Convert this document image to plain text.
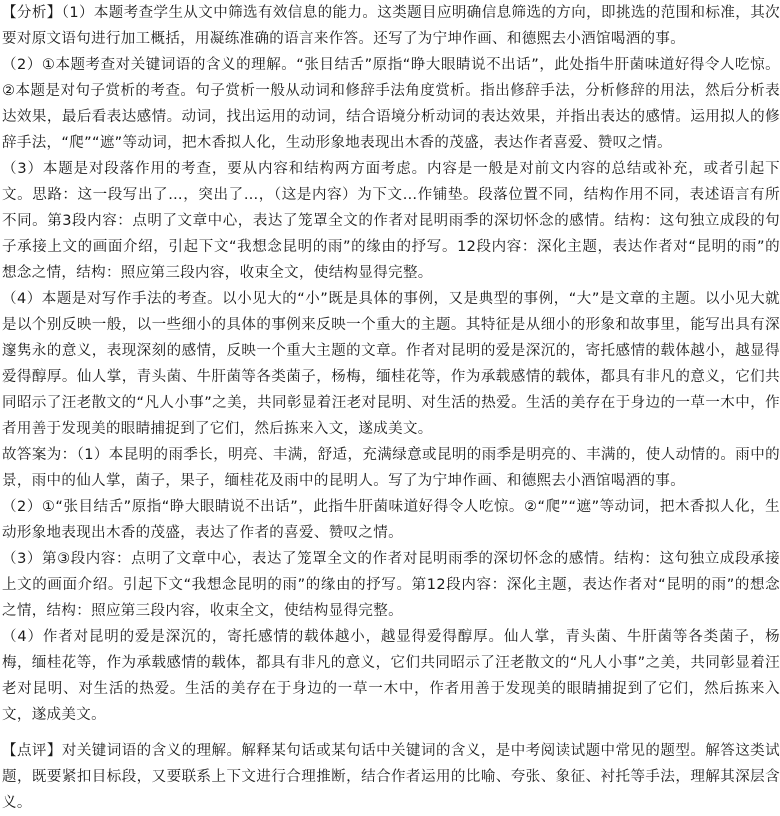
【分析】（1）本题考查学生从文中筛选有效信息的能力。这类题目应明确信息筛选的方向，即挑选的范围和标准，其次要对原文语句进行加工概括，用凝练准确的语言来作答。还写了为宁坤作画、和德熙去小酒馆喝酒的事。

（2）①本题考查对关键词语的含义的理解。“张目结舌”原指“睁大眼睛说不出话”，此处指牛肝菌味道好得令人吃惊。②本题是对句子赏析的考查。句子赏析一般从动词和修辞手法角度赏析。指出修辞手法，分析修辞的用法，然后分析表达效果，最后看表达感情。动词，找出运用的动词，结合语境分析动词的表达效果，并指出表达的感情。运用拟人的修辞手法，“爬”“遮”等动词，把木香拟人化，生动形象地表现出木香的茂盛，表达作者喜爱、赞叹之情。

（3）本题是对段落作用的考查，要从内容和结构两方面考虑。内容是一般是对前文内容的总结或补充，或者引起下文。思路：这一段写出了…，突出了…，（这是内容）为下文…作铺垫。段落位置不同，结构作用不同，表述语言有所不同。第3段内容：点明了文章中心，表达了笼罩全文的作者对昆明雨季的深切怀念的感情。结构：这句独立成段的句子承接上文的画面介绍，引起下文“我想念昆明的雨”的缘由的抒写。12段内容：深化主题，表达作者对“昆明的雨”的想念之情，结构：照应第三段内容，收束全文，使结构显得完整。

（4）本题是对写作手法的考查。以小见大的“小”既是具体的事例，又是典型的事例，“大”是文章的主题。以小见大就是以个别反映一般，以一些细小的具体的事例来反映一个重大的主题。其特征是从细小的形象和故事里，能写出具有深邃隽永的意义，表现深刻的感情，反映一个重大主题的文章。作者对昆明的爱是深沉的，寄托感情的载体越小，越显得爱得醇厚。仙人掌，青头菌、牛肝菌等各类菌子，杨梅，缅桂花等，作为承载感情的载体，都具有非凡的意义，它们共同昭示了汪老散文的“凡人小事”之美，共同彰显着汪老对昆明、对生活的热爱。生活的美存在于身边的一草一木中，作者用善于发现美的眼睛捕捉到了它们，然后拣来入文，遂成美文。

故答案为：（1）本昆明的雨季长，明亮、丰满，舒适，充满绿意或昆明的雨季是明亮的、丰满的，使人动情的。雨中的景，雨中的仙人掌，菌子，果子，缅桂花及雨中的昆明人。写了为宁坤作画、和德熙去小酒馆喝酒的事。

（2）①“张目结舌”原指“睁大眼睛说不出话”，此指牛肝菌味道好得令人吃惊。②“爬”“遮”等动词，把木香拟人化，生动形象地表现出木香的茂盛，表达了作者的喜爱、赞叹之情。

（3）第③段内容：点明了文章中心，表达了笼罩全文的作者对昆明雨季的深切怀念的感情。结构：这句独立成段承接上文的画面介绍。引起下文“我想念昆明的雨”的缘由的抒写。第12段内容：深化主题，表达作者对“昆明的雨”的想念之情，结构：照应第三段内容，收束全文，使结构显得完整。

（4）作者对昆明的爱是深沉的，寄托感情的载体越小，越显得爱得醇厚。仙人掌，青头菌、牛肝菌等各类菌子，杨梅，缅桂花等，作为承载感情的载体，都具有非凡的意义，它们共同昭示了汪老散文的“凡人小事”之美，共同彰显着汪老对昆明、对生活的热爱。生活的美存在于身边的一草一木中，作者用善于发现美的眼睛捕捉到了它们，然后拣来入文，遂成美文。

【点评】对关键词语的含义的理解。解释某句话或某句话中关键词的含义，是中考阅读试题中常见的题型。解答这类试题，既要紧扣目标段，又要联系上下文进行合理推断，结合作者运用的比喻、夸张、象征、衬托等手法，理解其深层含义。
